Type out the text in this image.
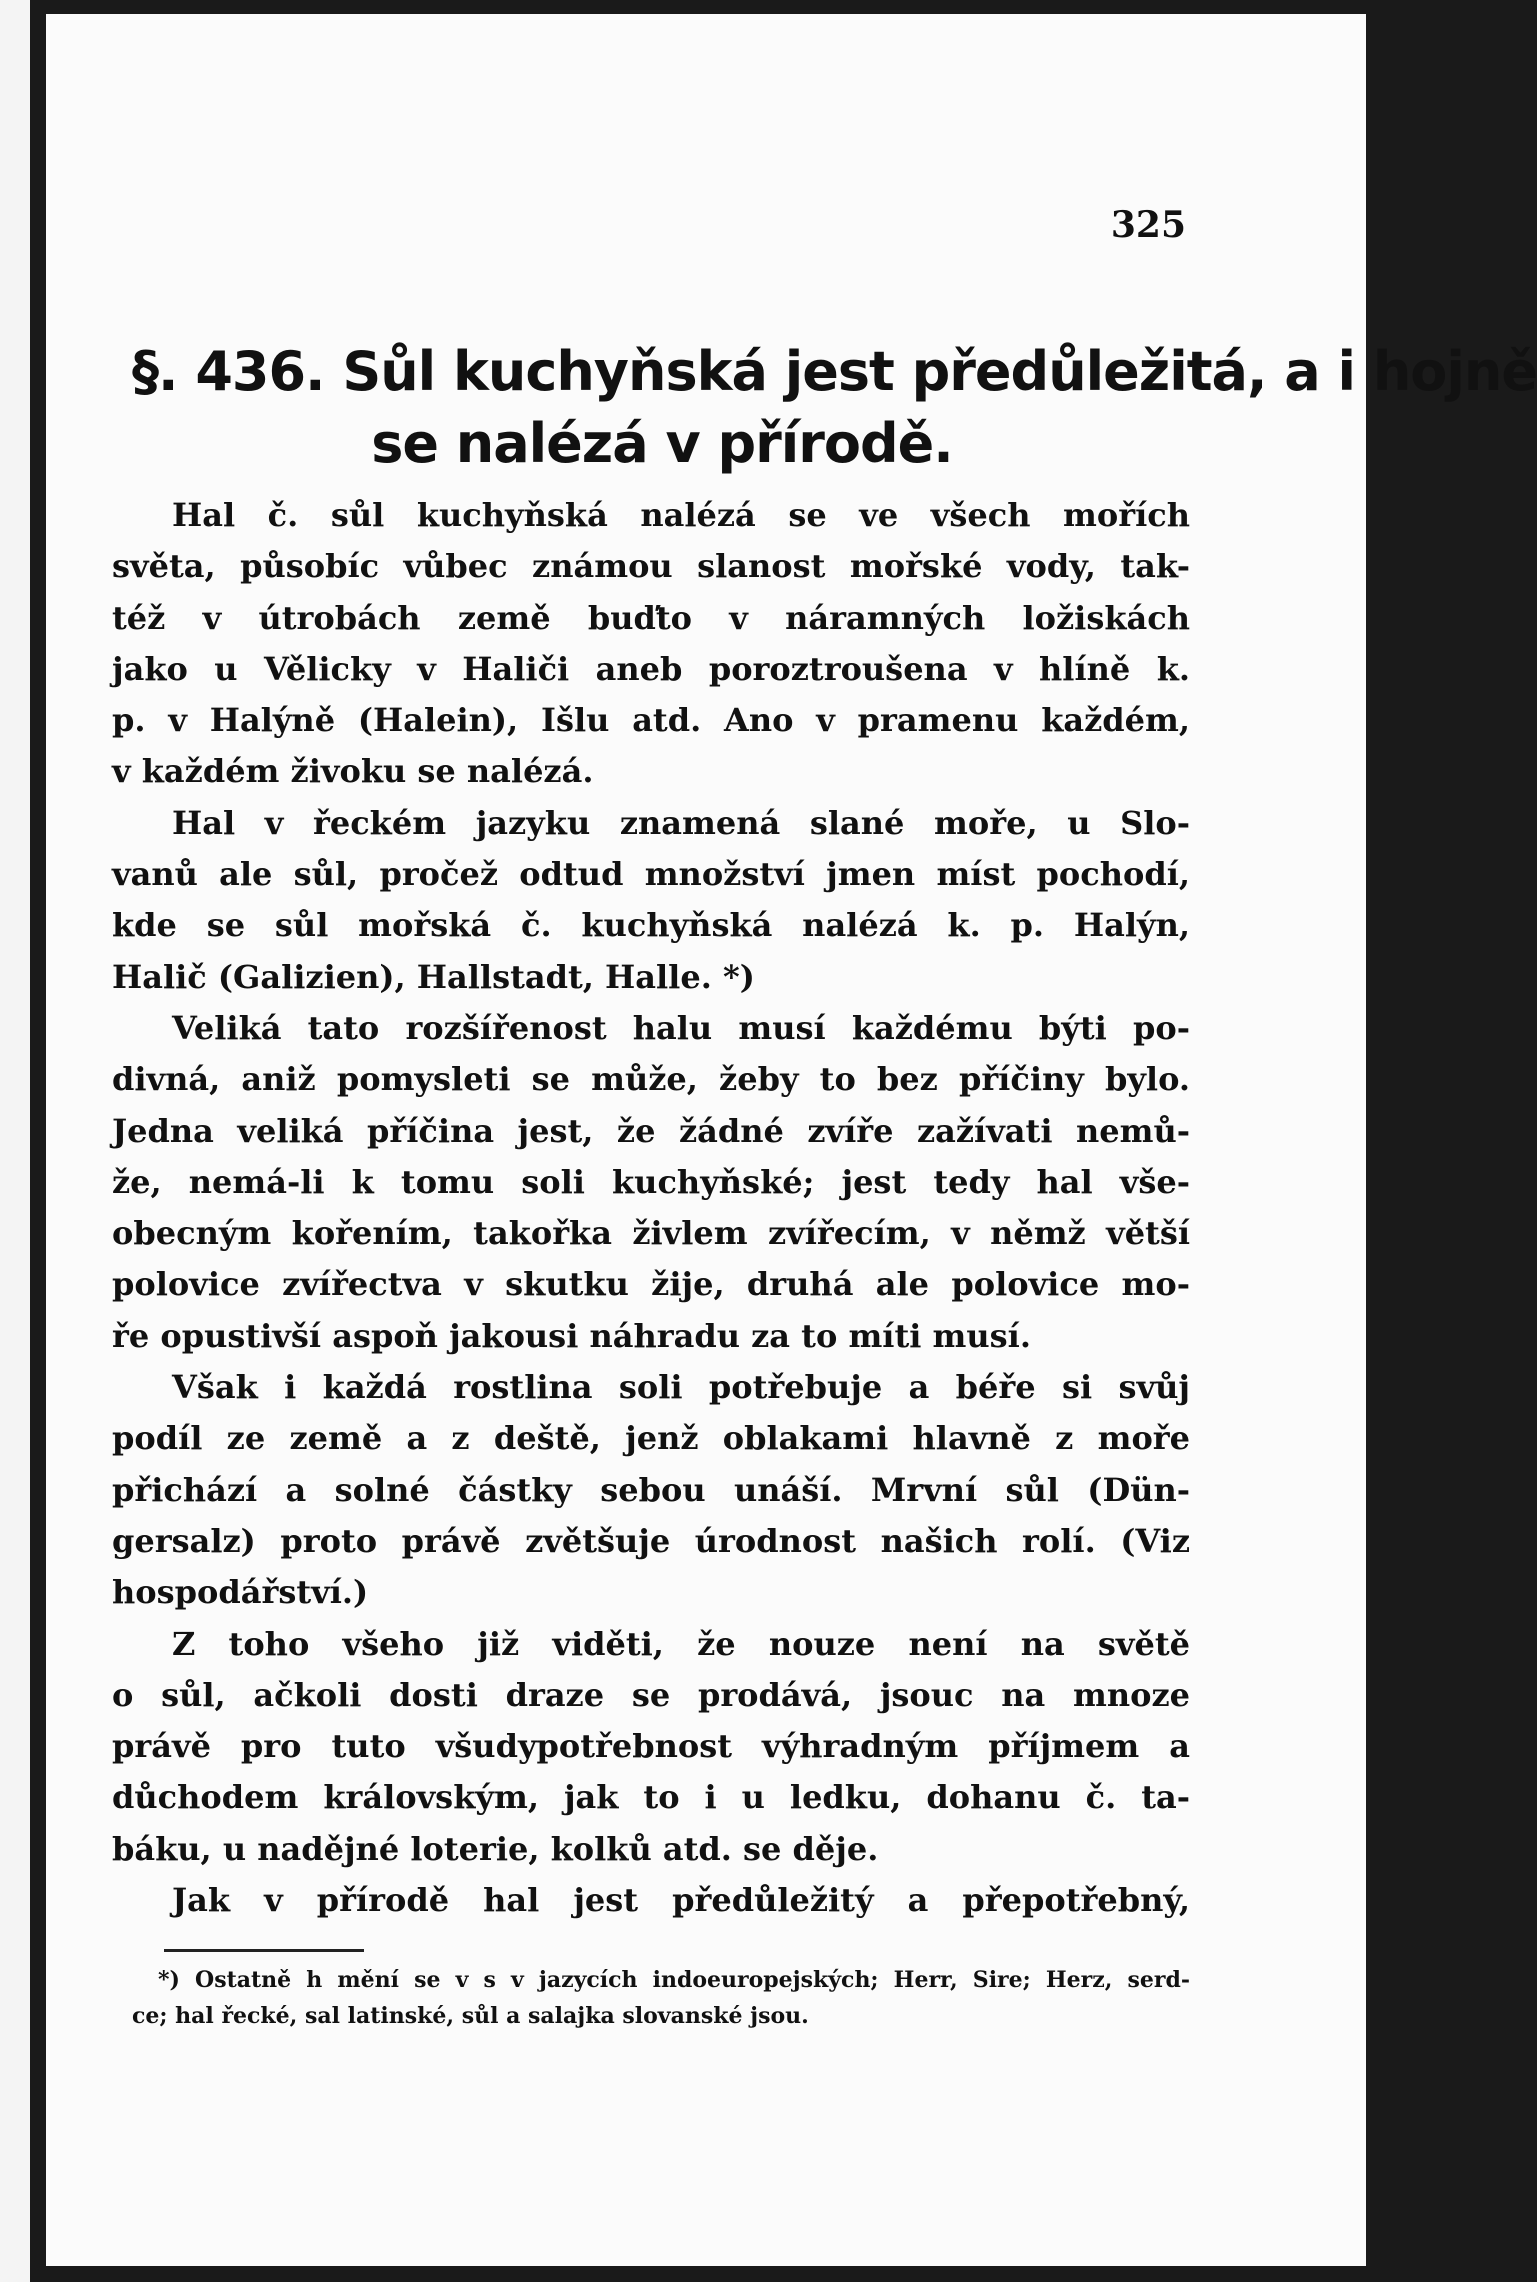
325
§. 436. Sůl kuchyňská jest předůležitá, a i hojně
se nalézá v přírodě.
Hal č. sůl kuchyňská nalézá se ve všech mořích
světa, působíc vůbec známou slanost mořské vody, tak-
též v útrobách země buďto v náramných ložiskách
jako u Vělicky v Haliči aneb poroztroušena v hlíně k.
p. v Halýně (Halein), Išlu atd. Ano v pramenu každém,
v každém živoku se nalézá.
Hal v řeckém jazyku znamená slané moře, u Slo-
vanů ale sůl, pročež odtud množství jmen míst pochodí,
kde se sůl mořská č. kuchyňská nalézá k. p. Halýn,
Halič (Galizien), Hallstadt, Halle. *)
Veliká tato rozšířenost halu musí každému býti po-
divná, aniž pomysleti se může, žeby to bez příčiny bylo.
Jedna veliká příčina jest, že žádné zvíře zažívati nemů-
že, nemá-li k tomu soli kuchyňské; jest tedy hal vše-
obecným kořením, takořka živlem zvířecím, v němž větší
polovice zvířectva v skutku žije, druhá ale polovice mo-
ře opustivší aspoň jakousi náhradu za to míti musí.
Však i každá rostlina soli potřebuje a béře si svůj
podíl ze země a z deště, jenž oblakami hlavně z moře
přichází a solné částky sebou unáší. Mrvní sůl (Dün-
gersalz) proto právě zvětšuje úrodnost našich rolí. (Viz
hospodářství.)
Z toho všeho již viděti, že nouze není na světě
o sůl, ačkoli dosti draze se prodává, jsouc na mnoze
právě pro tuto všudypotřebnost výhradným příjmem a
důchodem královským, jak to i u ledku, dohanu č. ta-
báku, u nadějné loterie, kolků atd. se děje.
Jak v přírodě hal jest předůležitý a přepotřebný,
*) Ostatně h mění se v s v jazycích indoeuropejských; Herr, Sire; Herz, serd-
ce; hal řecké, sal latinské, sůl a salajka slovanské jsou.
